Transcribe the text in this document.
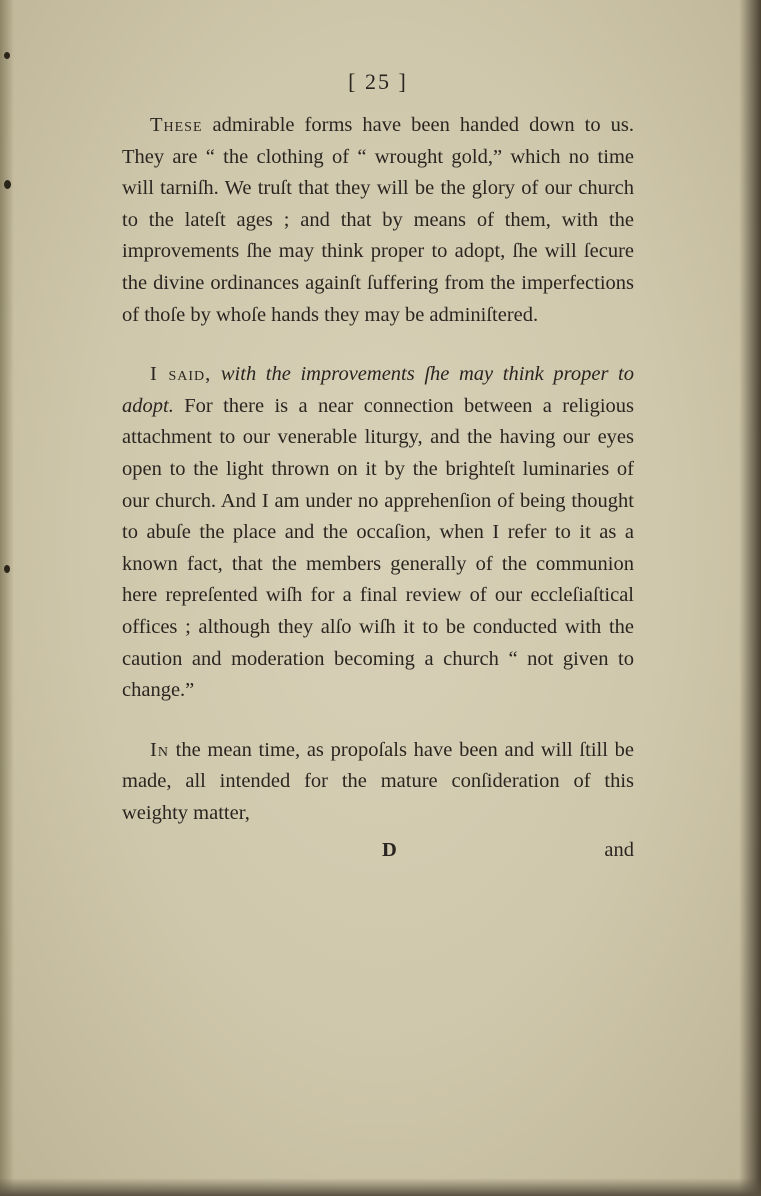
[ 25 ]

These admirable forms have been handed down to us. They are “ the clothing of “ wrought gold,” which no time will tarniſh. We truſt that they will be the glory of our church to the lateſt ages ; and that by means of them, with the improvements ſhe may think proper to adopt, ſhe will ſecure the divine ordinances againſt ſuffering from the imperfections of thoſe by whoſe hands they may be adminiſtered.

I said, with the improvements ſhe may think proper to adopt. For there is a near connection between a religious attachment to our venerable liturgy, and the having our eyes open to the light thrown on it by the brighteſt luminaries of our church. And I am under no apprehenſion of being thought to abuſe the place and the occaſion, when I refer to it as a known fact, that the members generally of the communion here repreſented wiſh for a final review of our eccleſiaſtical offices ; although they alſo wiſh it to be conducted with the caution and moderation becoming a church “ not given to change.”

In the mean time, as propoſals have been and will ſtill be made, all intended for the mature conſideration of this weighty matter,

D	and
